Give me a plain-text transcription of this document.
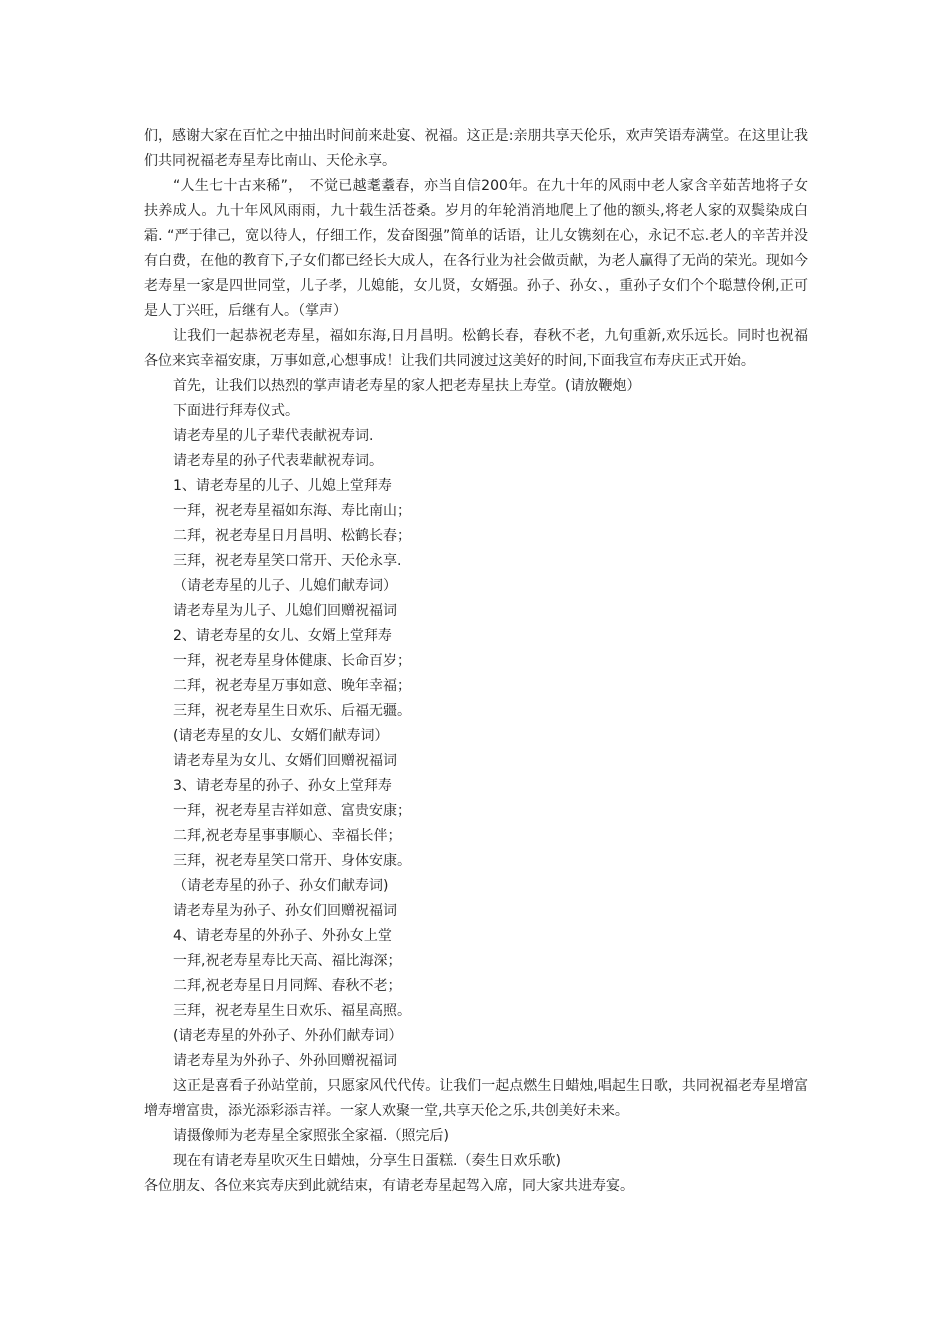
们，感谢大家在百忙之中抽出时间前来赴宴、祝福。这正是:亲朋共享天伦乐，欢声笑语寿满堂。在这里让我们共同祝福老寿星寿比南山、天伦永享。

“人生七十古来稀”，　不觉已越耄耋春，亦当自信200年。在九十年的风雨中老人家含辛茹苦地将子女扶养成人。九十年风风雨雨，九十载生活苍桑。岁月的年轮消消地爬上了他的额头,将老人家的双鬓染成白霜. “严于律己，宽以待人，仔细工作，发奋图强”简单的话语，让儿女镌刻在心，永记不忘.老人的辛苦并没有白费，在他的教育下,子女们都已经长大成人，在各行业为社会做贡献，为老人赢得了无尚的荣光。现如今老寿星一家是四世同堂，儿子孝，儿媳能，女儿贤，女婿强。孙子、孙女、，重孙子女们个个聪慧伶俐,正可是人丁兴旺，后继有人。（掌声）

让我们一起恭祝老寿星，福如东海,日月昌明。松鹤长春，春秋不老，九旬重新,欢乐远长。同时也祝福各位来宾幸福安康，万事如意,心想事成！让我们共同渡过这美好的时间,下面我宣布寿庆正式开始。

首先，让我们以热烈的掌声请老寿星的家人把老寿星扶上寿堂。(请放鞭炮）

下面进行拜寿仪式。

请老寿星的儿子辈代表献祝寿词.

请老寿星的孙子代表辈献祝寿词。

1、请老寿星的儿子、儿媳上堂拜寿

一拜，祝老寿星福如东海、寿比南山；

二拜，祝老寿星日月昌明、松鹤长春；

三拜，祝老寿星笑口常开、天伦永享.

（请老寿星的儿子、儿媳们献寿词）

请老寿星为儿子、儿媳们回赠祝福词

2、请老寿星的女儿、女婿上堂拜寿

一拜，祝老寿星身体健康、长命百岁；

二拜，祝老寿星万事如意、晚年幸福；

三拜，祝老寿星生日欢乐、后福无疆。

(请老寿星的女儿、女婿们献寿词）

请老寿星为女儿、女婿们回赠祝福词

3、请老寿星的孙子、孙女上堂拜寿

一拜，祝老寿星吉祥如意、富贵安康；

二拜,祝老寿星事事顺心、幸福长伴；

三拜，祝老寿星笑口常开、身体安康。

（请老寿星的孙子、孙女们献寿词)

请老寿星为孙子、孙女们回赠祝福词

4、请老寿星的外孙子、外孙女上堂

一拜,祝老寿星寿比天高、福比海深；

二拜,祝老寿星日月同辉、春秋不老；

三拜，祝老寿星生日欢乐、福星高照。

(请老寿星的外孙子、外孙们献寿词）

请老寿星为外孙子、外孙回赠祝福词

这正是喜看子孙站堂前，只愿家风代代传。让我们一起点燃生日蜡烛,唱起生日歌，共同祝福老寿星增富增寿增富贵，添光添彩添吉祥。一家人欢聚一堂,共享天伦之乐,共创美好未来。

请摄像师为老寿星全家照张全家福.（照完后)

现在有请老寿星吹灭生日蜡烛，分享生日蛋糕.（奏生日欢乐歌)

各位朋友、各位来宾寿庆到此就结束，有请老寿星起驾入席，同大家共进寿宴。
